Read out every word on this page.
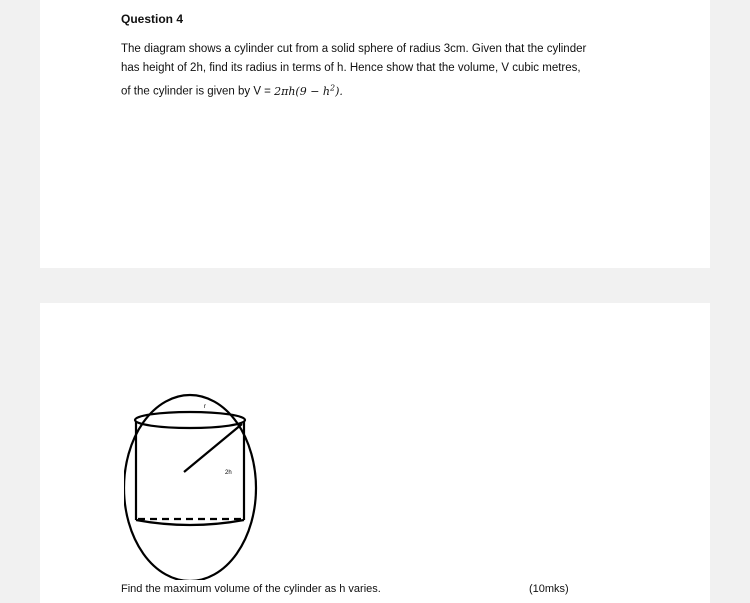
Question 4

The diagram shows a cylinder cut from a solid sphere of radius 3cm. Given that the cylinder
has height of 2h, find its radius in terms of h. Hence show that the volume, V cubic metres,
of the cylinder is given by $V = 2\pi h(9 - h^2)$.
r
2h
Find the maximum volume of the cylinder as h varies.	(10mks)
